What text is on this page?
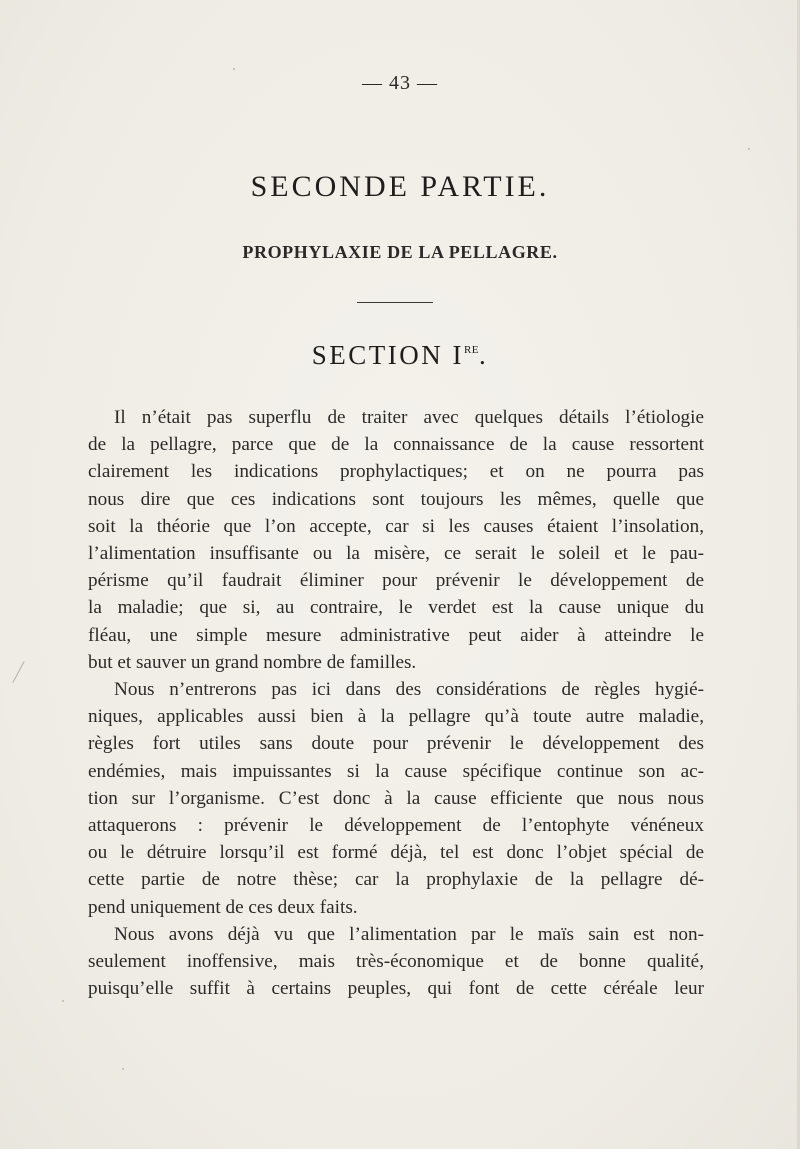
— 43 —
SECONDE PARTIE.
PROPHYLAXIE DE LA PELLAGRE.
SECTION IRE.
Il n’était pas superflu de traiter avec quelques détails l’étiologie
de la pellagre, parce que de la connaissance de la cause ressortent
clairement les indications prophylactiques; et on ne pourra pas
nous dire que ces indications sont toujours les mêmes, quelle que
soit la théorie que l’on accepte, car si les causes étaient l’insolation,
l’alimentation insuffisante ou la misère, ce serait le soleil et le pau-
périsme qu’il faudrait éliminer pour prévenir le développement de
la maladie; que si, au contraire, le verdet est la cause unique du
fléau, une simple mesure administrative peut aider à atteindre le
but et sauver un grand nombre de familles.
Nous n’entrerons pas ici dans des considérations de règles hygié-
niques, applicables aussi bien à la pellagre qu’à toute autre maladie,
règles fort utiles sans doute pour prévenir le développement des
endémies, mais impuissantes si la cause spécifique continue son ac-
tion sur l’organisme. C’est donc à la cause efficiente que nous nous
attaquerons : prévenir le développement de l’entophyte vénéneux
ou le détruire lorsqu’il est formé déjà, tel est donc l’objet spécial de
cette partie de notre thèse; car la prophylaxie de la pellagre dé-
pend uniquement de ces deux faits.
Nous avons déjà vu que l’alimentation par le maïs sain est non-
seulement inoffensive, mais très-économique et de bonne qualité,
puisqu’elle suffit à certains peuples, qui font de cette céréale leur
